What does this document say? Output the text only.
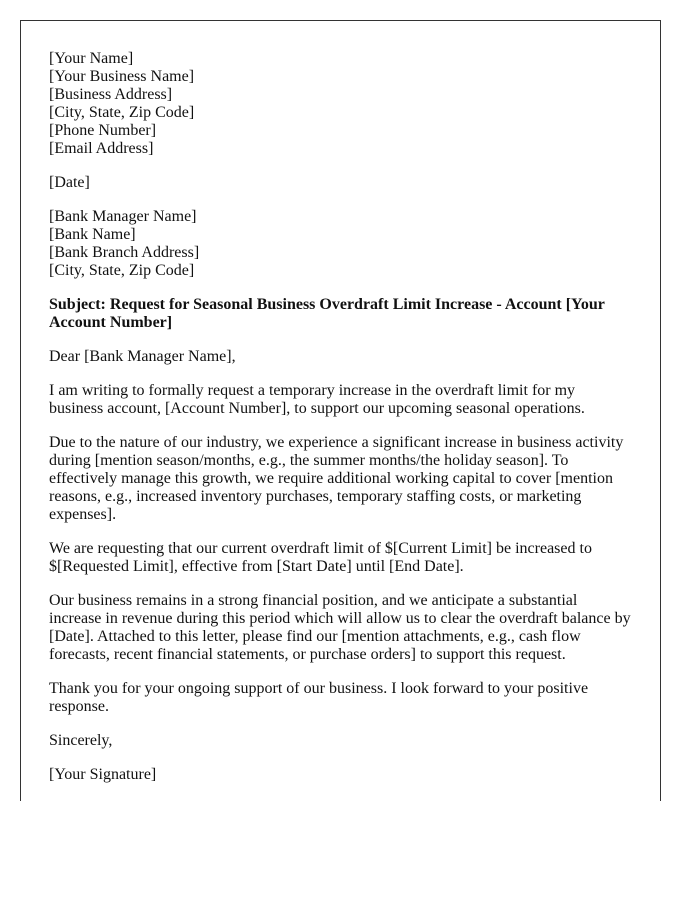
[Your Name]
[Your Business Name]
[Business Address]
[City, State, Zip Code]
[Phone Number]
[Email Address]
[Date]
[Bank Manager Name]
[Bank Name]
[Bank Branch Address]
[City, State, Zip Code]

Subject: Request for Seasonal Business Overdraft Limit Increase - Account [Your Account Number]

Dear [Bank Manager Name],

I am writing to formally request a temporary increase in the overdraft limit for my business account, [Account Number], to support our upcoming seasonal operations.

Due to the nature of our industry, we experience a significant increase in business activity during [mention season/months, e.g., the summer months/the holiday season]. To effectively manage this growth, we require additional working capital to cover [mention reasons, e.g., increased inventory purchases, temporary staffing costs, or marketing expenses].

We are requesting that our current overdraft limit of $[Current Limit] be increased to $[Requested Limit], effective from [Start Date] until [End Date].

Our business remains in a strong financial position, and we anticipate a substantial increase in revenue during this period which will allow us to clear the overdraft balance by [Date]. Attached to this letter, please find our [mention attachments, e.g., cash flow forecasts, recent financial statements, or purchase orders] to support this request.

Thank you for your ongoing support of our business. I look forward to your positive response.

Sincerely,

[Your Signature]
